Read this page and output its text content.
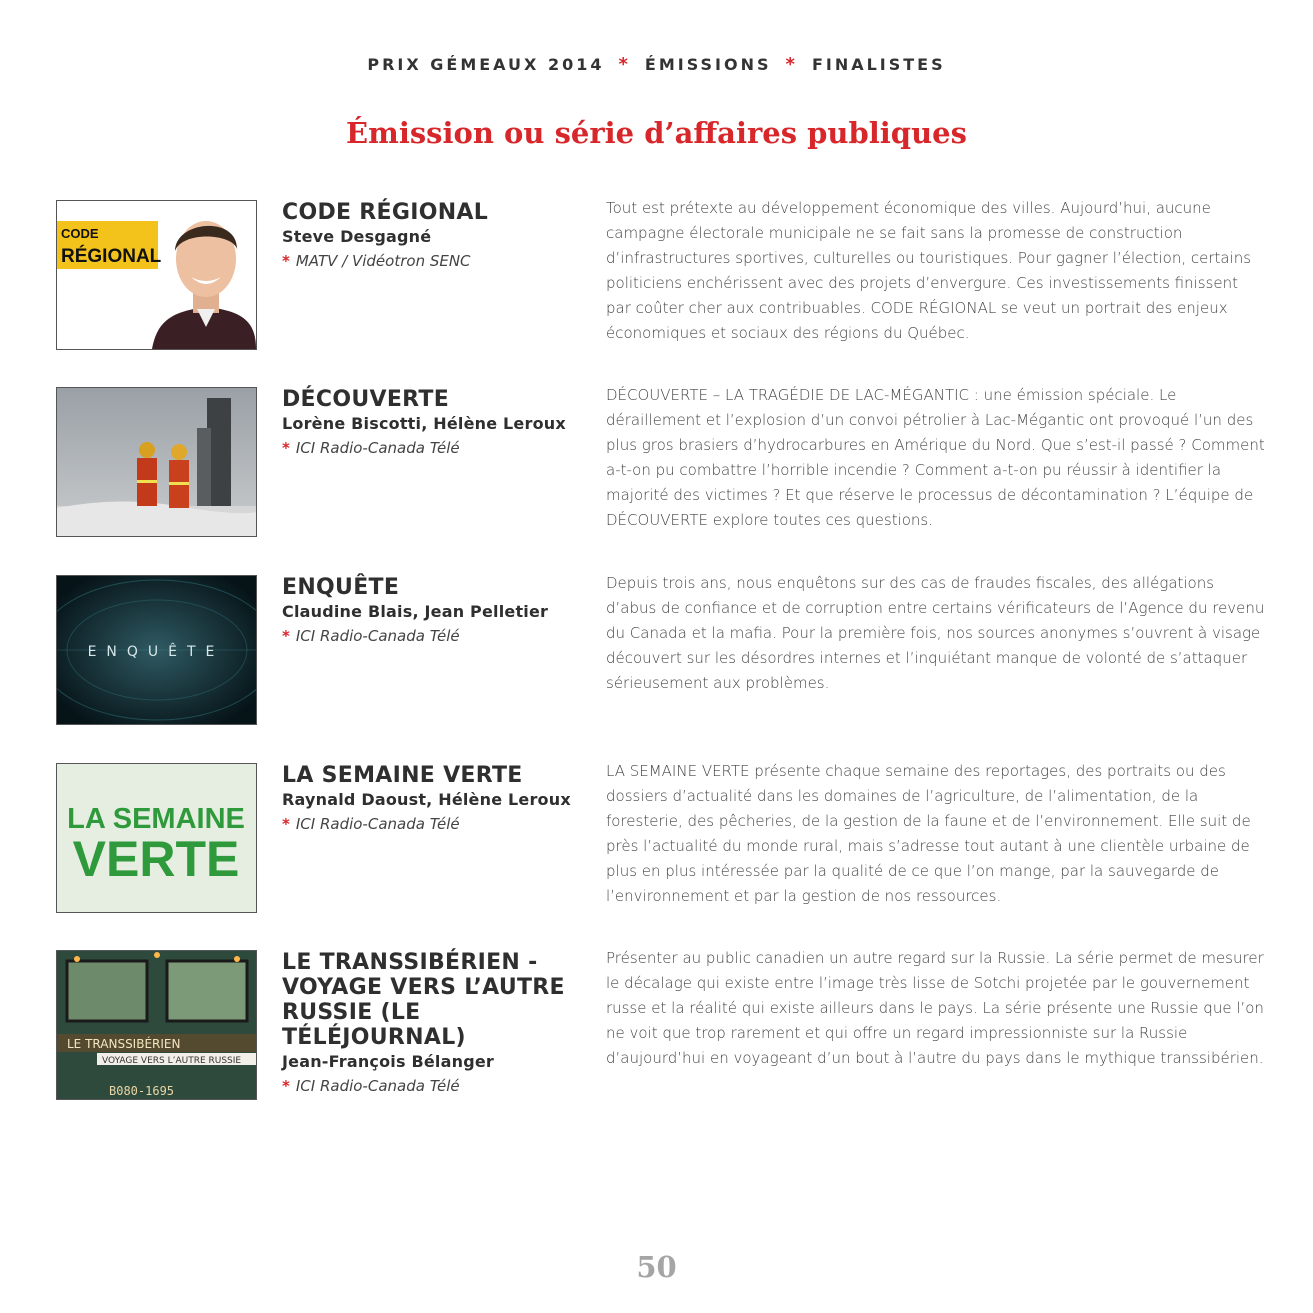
PRIX GÉMEAUX 2014 * ÉMISSIONS * FINALISTES
Émission ou série d’affaires publiques
CODE
RÉGIONAL
CODE RÉGIONAL
Steve Desgagné
* MATV / Vidéotron SENC
Tout est prétexte au développement économique des villes. Aujourd’hui, aucune campagne électorale municipale ne se fait sans la promesse de construction d’infrastructures sportives, culturelles ou touristiques. Pour gagner l’élection, certains politiciens enchérissent avec des projets d’envergure. Ces investissements finissent par coûter cher aux contribuables. CODE RÉGIONAL se veut un portrait des enjeux économiques et sociaux des régions du Québec.
DÉCOUVERTE
Lorène Biscotti, Hélène Leroux
* ICI Radio-Canada Télé
DÉCOUVERTE – LA TRAGÉDIE DE LAC-MÉGANTIC : une émission spéciale. Le déraillement et l’explosion d’un convoi pétrolier à Lac-Mégantic ont provoqué l’un des plus gros brasiers d’hydrocarbures en Amérique du Nord. Que s’est-il passé ? Comment a-t-on pu combattre l’horrible incendie ? Comment a-t-on pu réussir à identifier la majorité des victimes ? Et que réserve le processus de décontamination ? L’équipe de DÉCOUVERTE explore toutes ces questions.
ENQUÊTE
ENQUÊTE
Claudine Blais, Jean Pelletier
* ICI Radio-Canada Télé
Depuis trois ans, nous enquêtons sur des cas de fraudes fiscales, des allégations d’abus de confiance et de corruption entre certains vérificateurs de l’Agence du revenu du Canada et la mafia. Pour la première fois, nos sources anonymes s’ouvrent à visage découvert sur les désordres internes et l’inquiétant manque de volonté de s’attaquer sérieusement aux problèmes.
LA SEMAINE
VERTE
LA SEMAINE VERTE
Raynald Daoust, Hélène Leroux
* ICI Radio-Canada Télé
LA SEMAINE VERTE présente chaque semaine des reportages, des portraits ou des dossiers d’actualité dans les domaines de l’agriculture, de l’alimentation, de la foresterie, des pêcheries, de la gestion de la faune et de l’environnement. Elle suit de près l’actualité du monde rural, mais s’adresse tout autant à une clientèle urbaine de plus en plus intéressée par la qualité de ce que l’on mange, par la sauvegarde de l’environnement et par la gestion de nos ressources.
LE TRANSSIBÉRIEN
VOYAGE VERS L’AUTRE RUSSIE
B080-1695
LE TRANSSIBÉRIEN - VOYAGE VERS L’AUTRE RUSSIE (LE TÉLÉJOURNAL)
Jean-François Bélanger
* ICI Radio-Canada Télé
Présenter au public canadien un autre regard sur la Russie. La série permet de mesurer le décalage qui existe entre l’image très lisse de Sotchi projetée par le gouvernement russe et la réalité qui existe ailleurs dans le pays. La série présente une Russie que l’on ne voit que trop rarement et qui offre un regard impressionniste sur la Russie d’aujourd’hui en voyageant d’un bout à l’autre du pays dans le mythique transsibérien.
50
